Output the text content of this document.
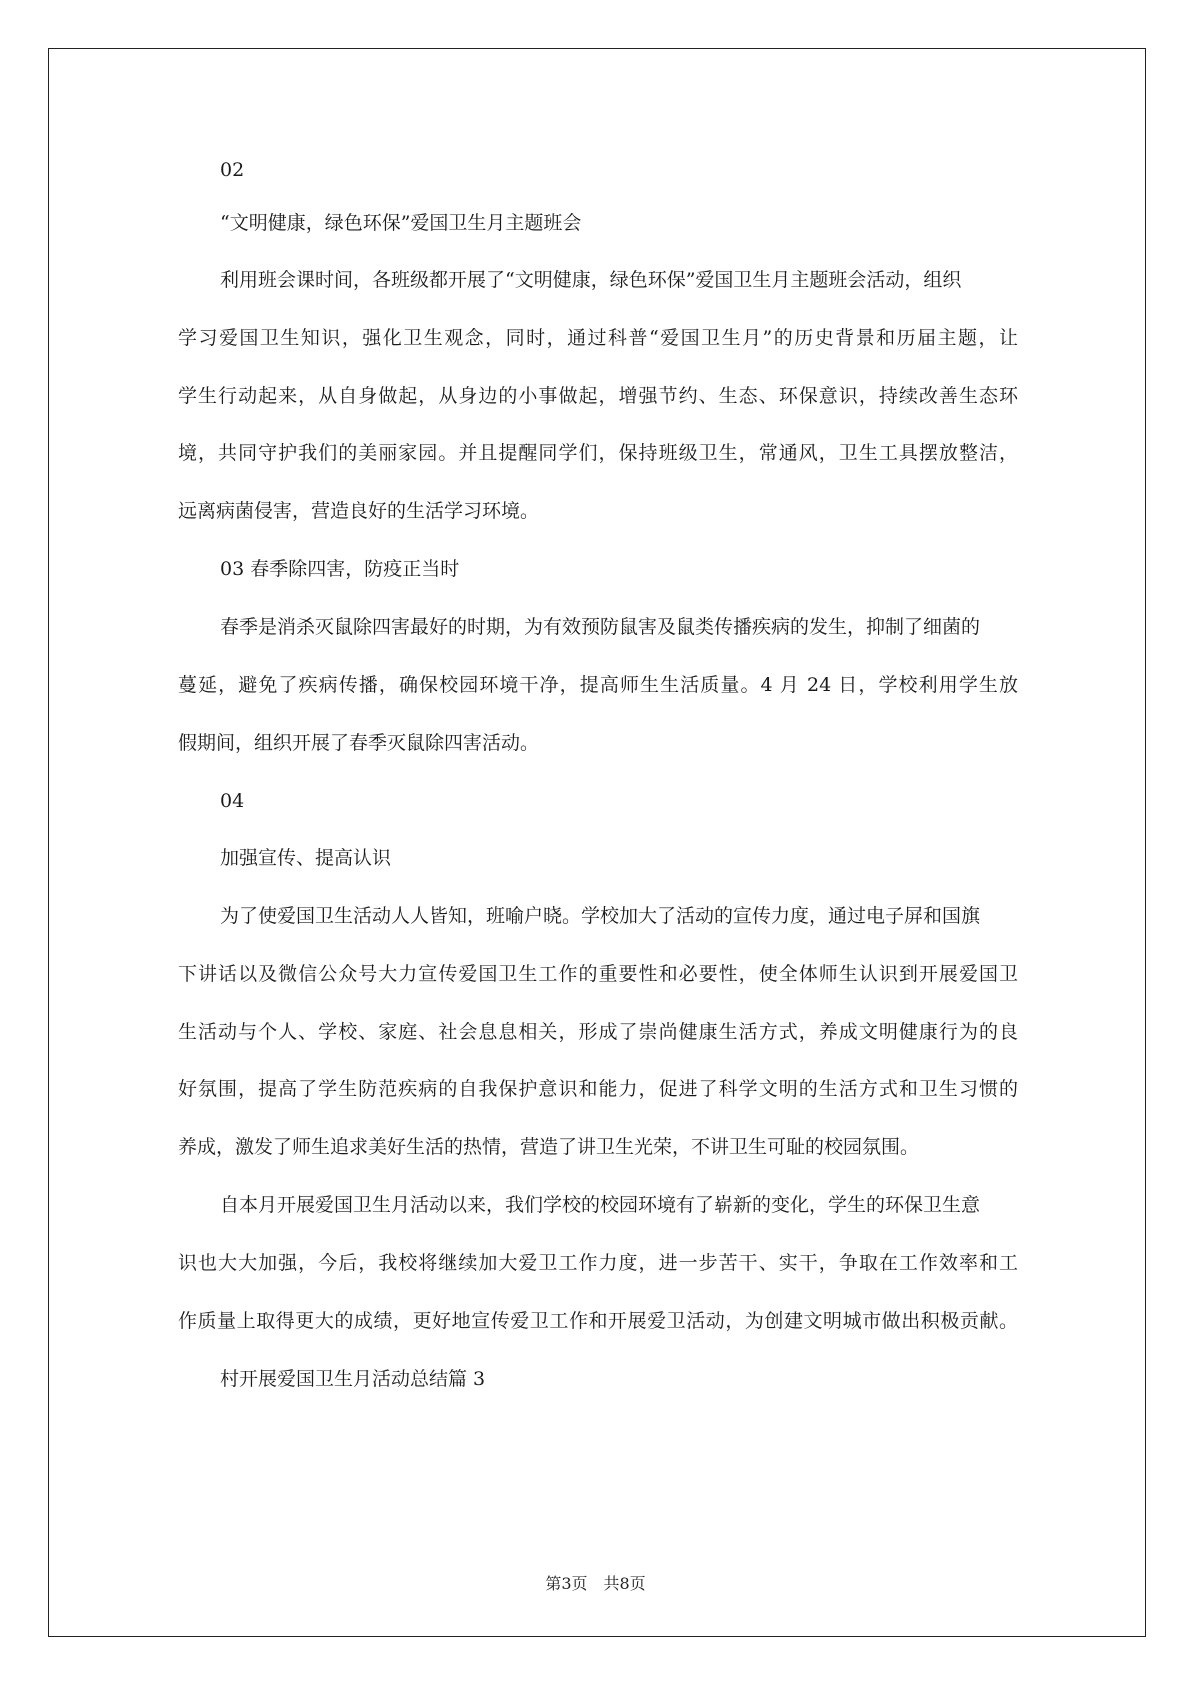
02
“文明健康，绿色环保”爱国卫生月主题班会
利用班会课时间，各班级都开展了“文明健康，绿色环保”爱国卫生月主题班会活动，组织
学习爱国卫生知识，强化卫生观念，同时，通过科普“爱国卫生月”的历史背景和历届主题，让
学生行动起来，从自身做起，从身边的小事做起，增强节约、生态、环保意识，持续改善生态环
境，共同守护我们的美丽家园。并且提醒同学们，保持班级卫生，常通风，卫生工具摆放整洁，
远离病菌侵害，营造良好的生活学习环境。
03 春季除四害，防疫正当时
春季是消杀灭鼠除四害最好的时期，为有效预防鼠害及鼠类传播疾病的发生，抑制了细菌的
蔓延，避免了疾病传播，确保校园环境干净，提高师生生活质量。4 月 24 日，学校利用学生放
假期间，组织开展了春季灭鼠除四害活动。
04
加强宣传、提高认识
为了使爱国卫生活动人人皆知，班喻户晓。学校加大了活动的宣传力度，通过电子屏和国旗
下讲话以及微信公众号大力宣传爱国卫生工作的重要性和必要性，使全体师生认识到开展爱国卫
生活动与个人、学校、家庭、社会息息相关，形成了崇尚健康生活方式，养成文明健康行为的良
好氛围，提高了学生防范疾病的自我保护意识和能力，促进了科学文明的生活方式和卫生习惯的
养成，激发了师生追求美好生活的热情，营造了讲卫生光荣，不讲卫生可耻的校园氛围。
自本月开展爱国卫生月活动以来，我们学校的校园环境有了崭新的变化，学生的环保卫生意
识也大大加强，今后，我校将继续加大爱卫工作力度，进一步苦干、实干，争取在工作效率和工
作质量上取得更大的成绩，更好地宣传爱卫工作和开展爱卫活动，为创建文明城市做出积极贡献。
村开展爱国卫生月活动总结篇 3
第3页 共8页
